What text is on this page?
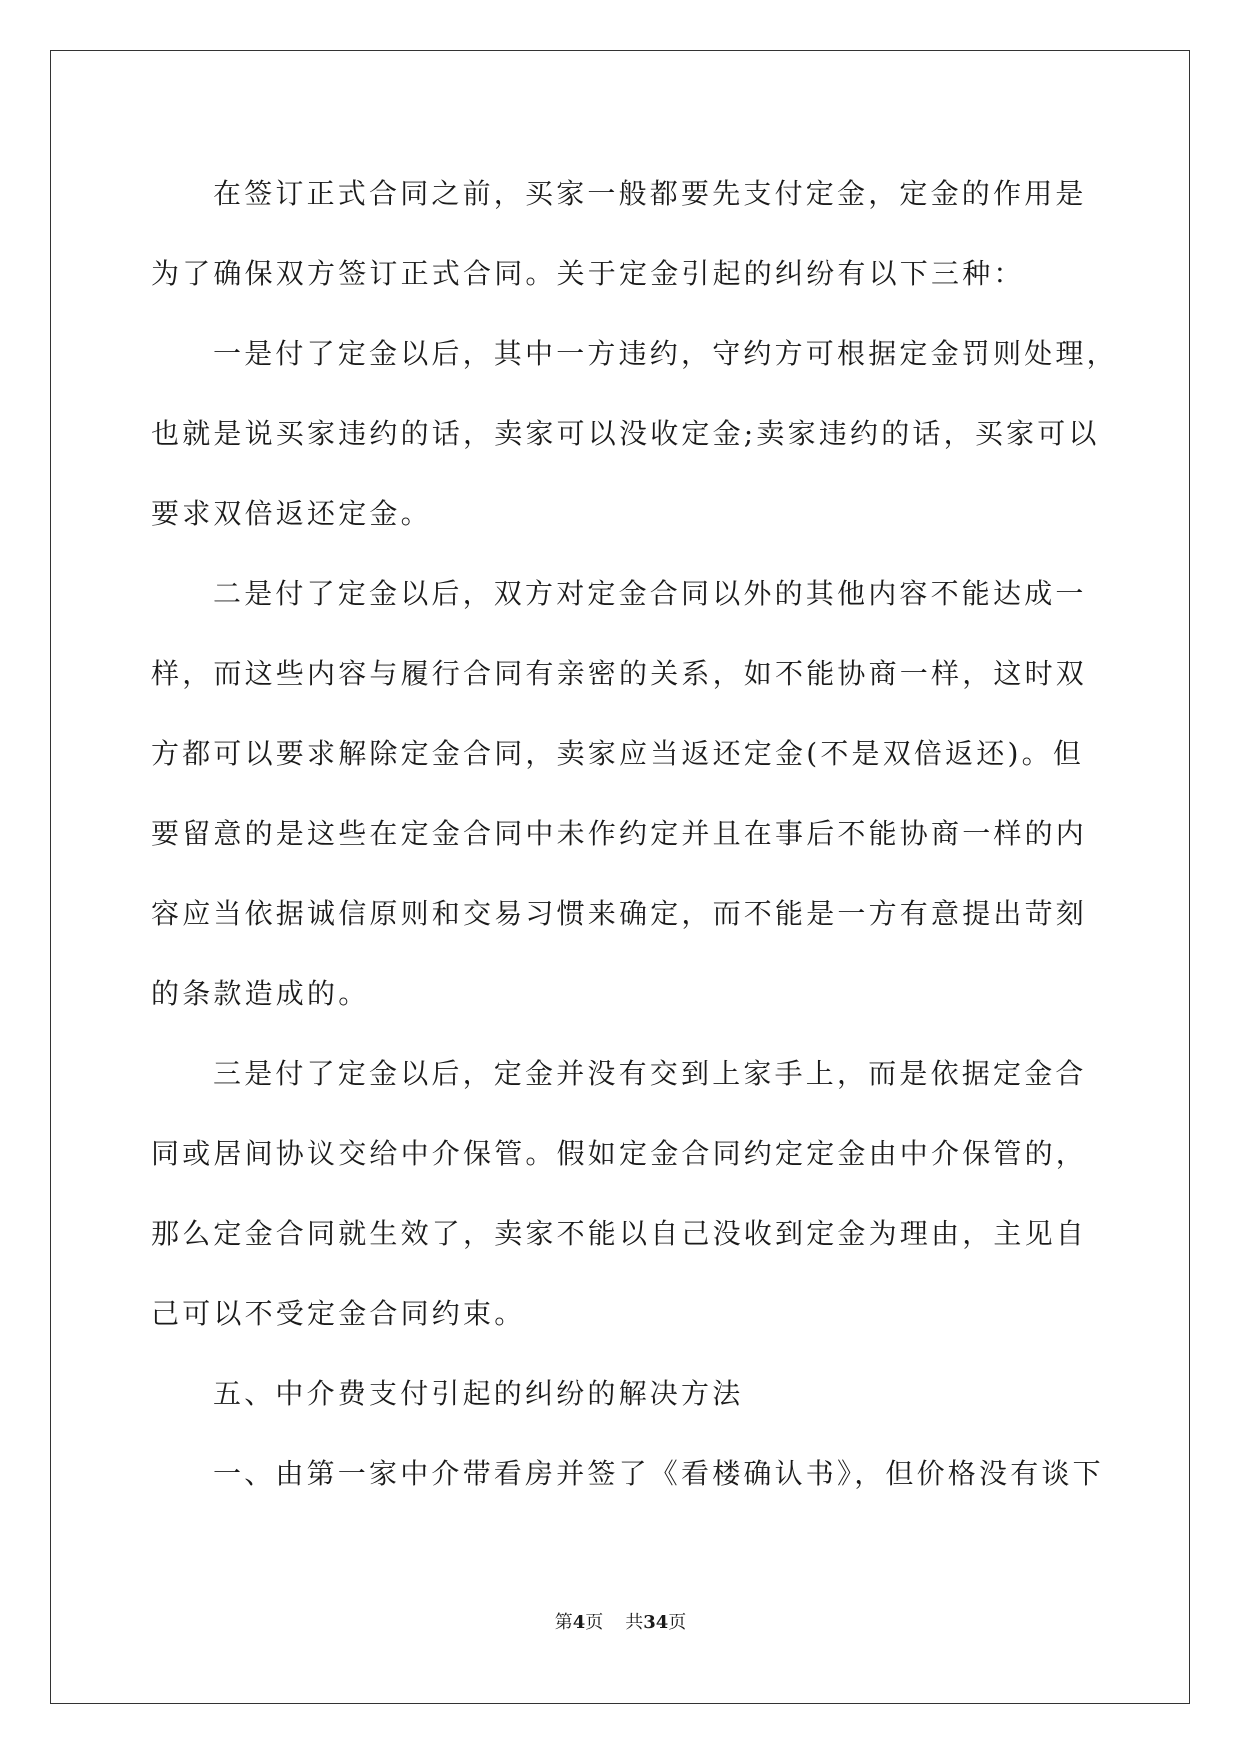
在签订正式合同之前，买家一般都要先支付定金，定金的作用是

为了确保双方签订正式合同。关于定金引起的纠纷有以下三种：

一是付了定金以后，其中一方违约，守约方可根据定金罚则处理，

也就是说买家违约的话，卖家可以没收定金;卖家违约的话，买家可以

要求双倍返还定金。

二是付了定金以后，双方对定金合同以外的其他内容不能达成一

样，而这些内容与履行合同有亲密的关系，如不能协商一样，这时双

方都可以要求解除定金合同，卖家应当返还定金(不是双倍返还)。但

要留意的是这些在定金合同中未作约定并且在事后不能协商一样的内

容应当依据诚信原则和交易习惯来确定，而不能是一方有意提出苛刻

的条款造成的。

三是付了定金以后，定金并没有交到上家手上，而是依据定金合

同或居间协议交给中介保管。假如定金合同约定定金由中介保管的，

那么定金合同就生效了，卖家不能以自己没收到定金为理由，主见自

己可以不受定金合同约束。

五、中介费支付引起的纠纷的解决方法

一、由第一家中介带看房并签了《看楼确认书》，但价格没有谈下

第4页 共34页
